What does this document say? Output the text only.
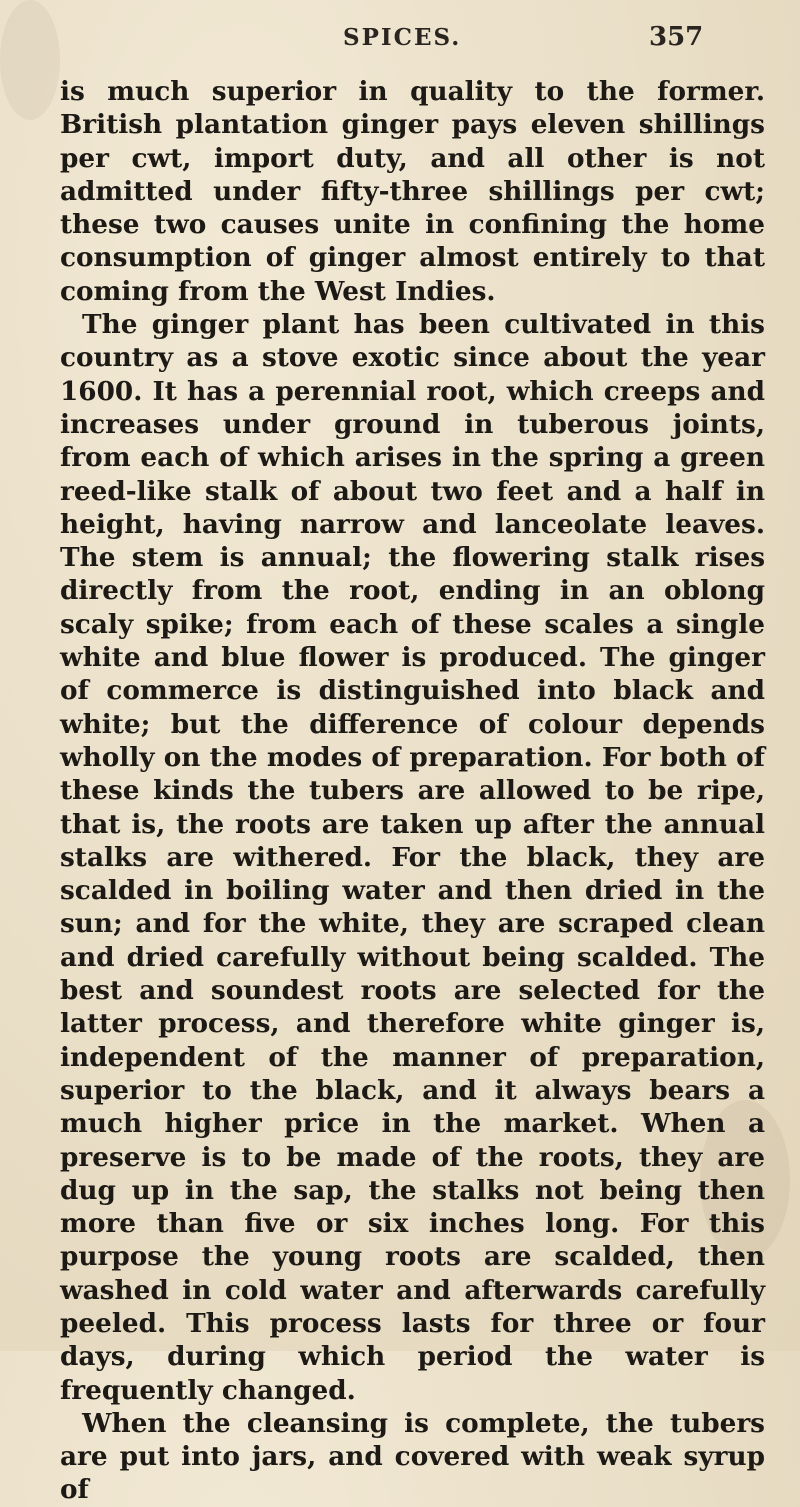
SPICES.	357

is much superior in quality to the former. British plantation ginger pays eleven shillings per cwt, import duty, and all other is not admitted under fifty-three shillings per cwt; these two causes unite in confining the home consumption of ginger almost entirely to that coming from the West Indies.

The ginger plant has been cultivated in this country as a stove exotic since about the year 1600. It has a perennial root, which creeps and increases under ground in tuberous joints, from each of which arises in the spring a green reed-like stalk of about two feet and a half in height, having narrow and lanceolate leaves. The stem is annual; the flowering stalk rises directly from the root, ending in an oblong scaly spike; from each of these scales a single white and blue flower is produced. The ginger of commerce is distinguished into black and white; but the difference of colour depends wholly on the modes of preparation. For both of these kinds the tubers are allowed to be ripe, that is, the roots are taken up after the annual stalks are withered. For the black, they are scalded in boiling water and then dried in the sun; and for the white, they are scraped clean and dried carefully without being scalded. The best and soundest roots are selected for the latter process, and therefore white ginger is, independent of the manner of preparation, superior to the black, and it always bears a much higher price in the market. When a preserve is to be made of the roots, they are dug up in the sap, the stalks not being then more than five or six inches long. For this purpose the young roots are scalded, then washed in cold water and afterwards carefully peeled. This process lasts for three or four days, during which period the water is frequently changed.

When the cleansing is complete, the tubers are put into jars, and covered with weak syrup of
